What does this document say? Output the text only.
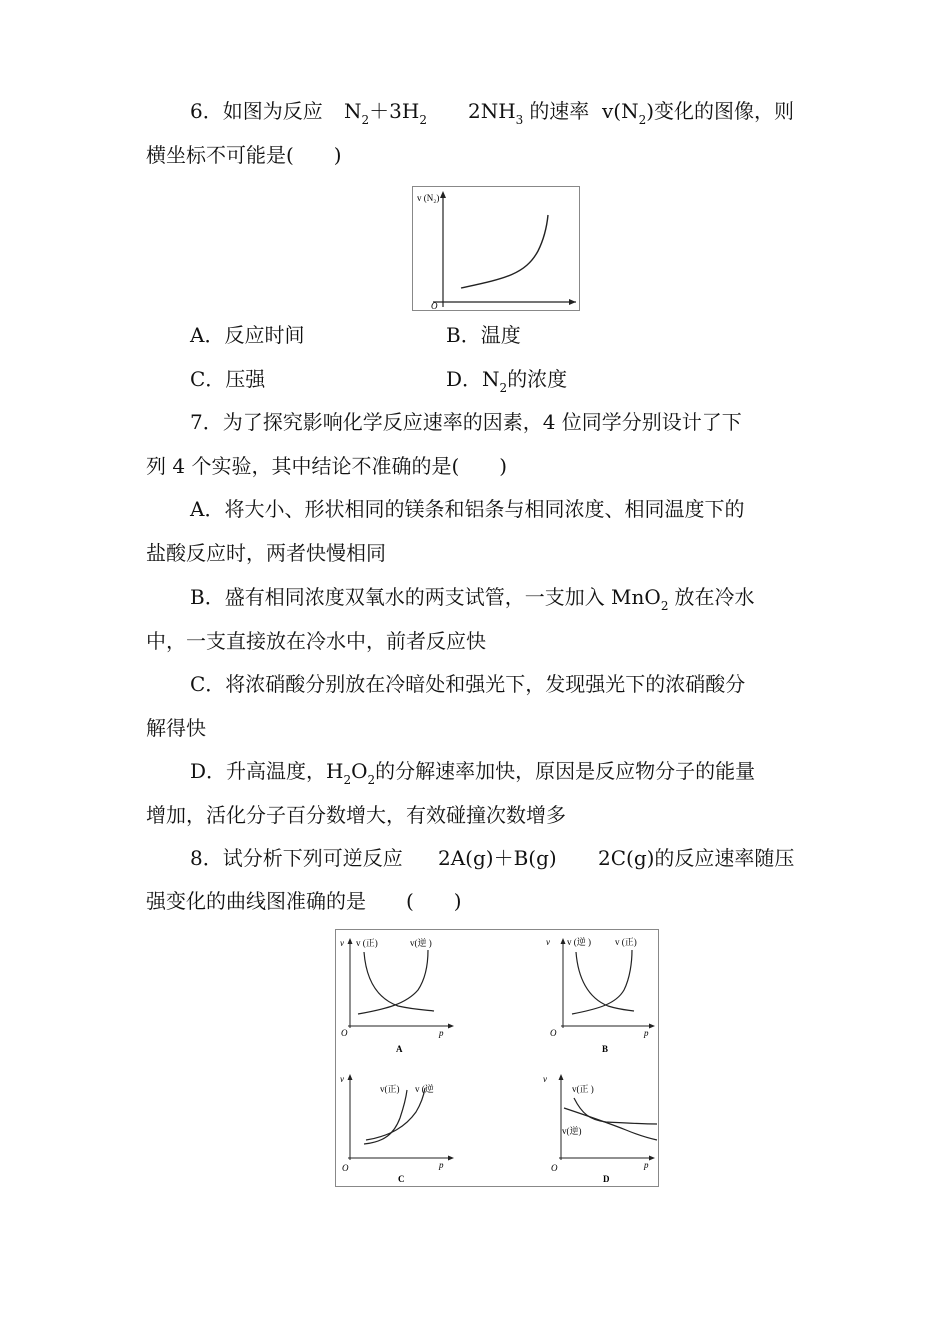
6．如图为反应 $N_2+3H_2$ $2NH_3$ 的速率 $v(N_2)$变化的图像，则
横坐标不可能是(　　)
v (N₂)
O
A．反应时间	B．温度
C．压强	D．$N_2$的浓度
7．为了探究影响化学反应速率的因素，4 位同学分别设计了下
列 4 个实验，其中结论不准确的是(　　)
A．将大小、形状相同的镁条和铝条与相同浓度、相同温度下的
盐酸反应时，两者快慢相同
B．盛有相同浓度双氧水的两支试管，一支加入 MnO$_2$ 放在冷水
中，一支直接放在冷水中，前者反应快
C．将浓硝酸分别放在冷暗处和强光下，发现强光下的浓硝酸分
解得快
D．升高温度，$H_2O_2$的分解速率加快，原因是反应物分子的能量
增加，活化分子百分数增大，有效碰撞次数增多
8．试分析下列可逆反应 2A(g)＋B(g) 2C(g)的反应速率随压
强变化的曲线图准确的是　　(　　)
v
p
O
v (正)	v(逆 )
A
v
p
O
v (逆 )	v (正)
B
v
p
O
v(正) v (逆
C
v
p
O
v(正 )
v(逆)
D
